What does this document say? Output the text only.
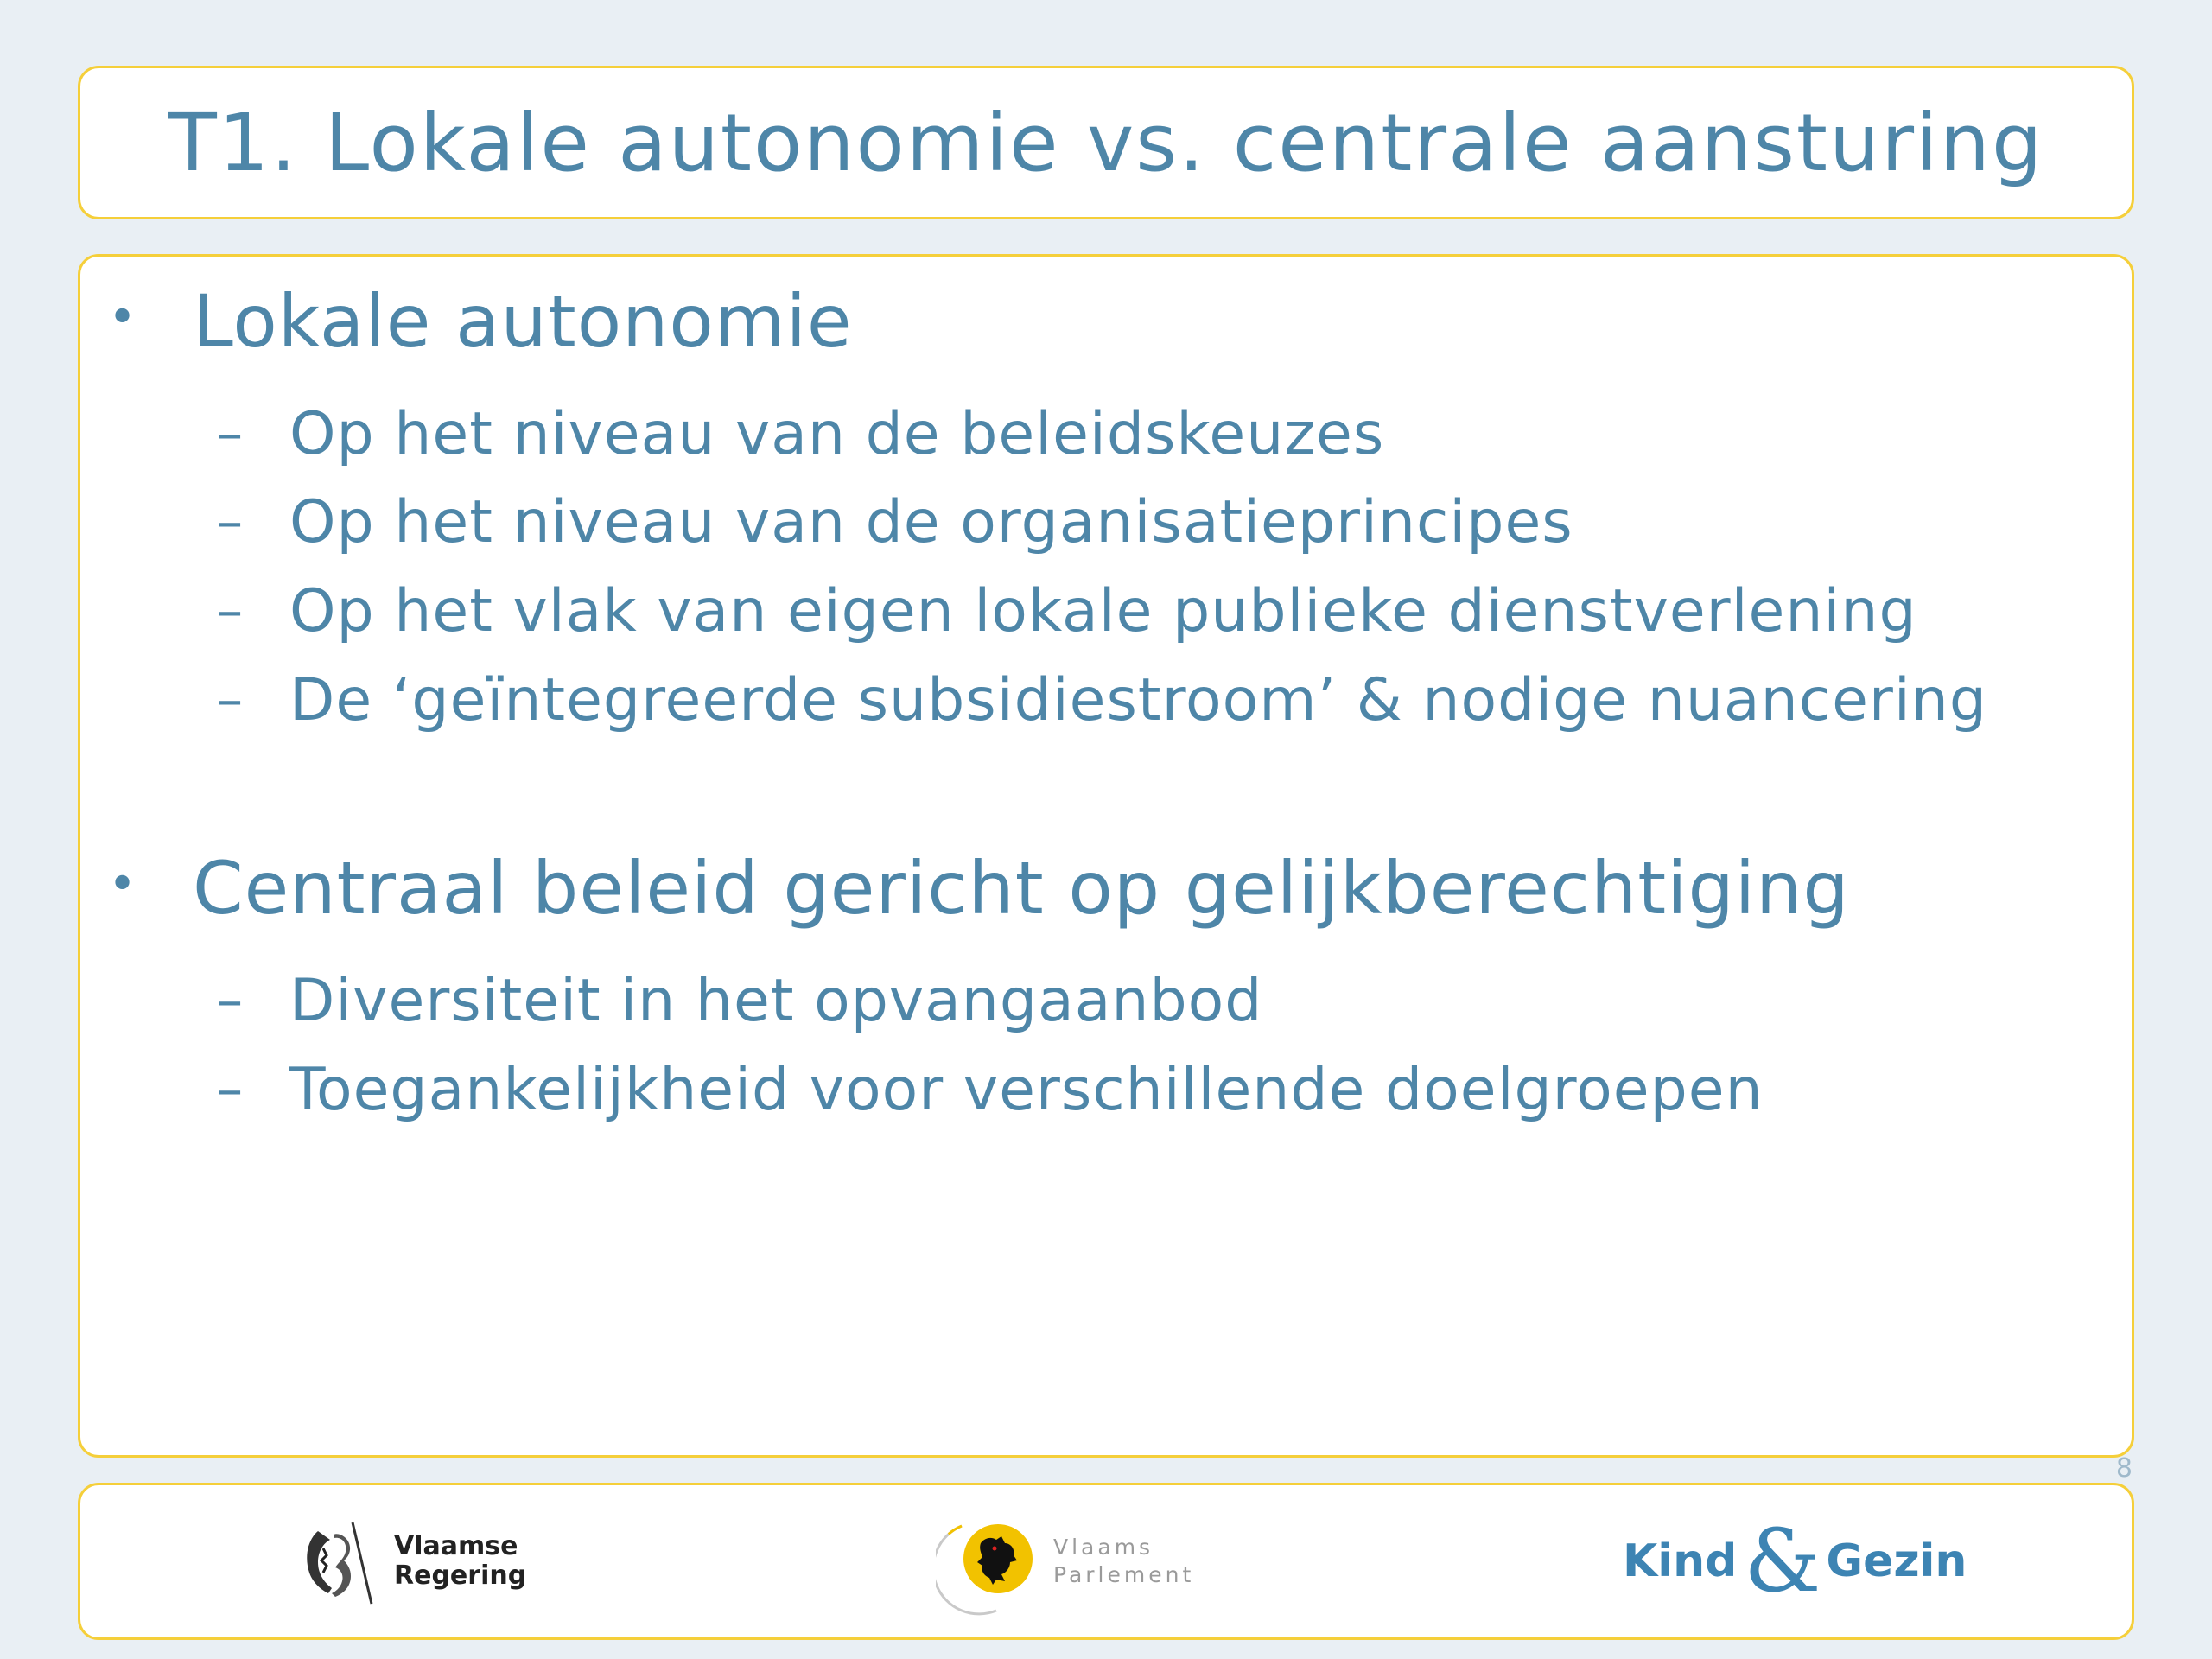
T1. Lokale autonomie vs. centrale aansturing
• Lokale autonomie
– Op het niveau van de beleidskeuzes
– Op het niveau van de organisatieprincipes
– Op het vlak van eigen lokale publieke dienstverlening
– De ‘geïntegreerde subsidiestroom’ & nodige nuancering
• Centraal beleid gericht op gelijkberechtiging
– Diversiteit in het opvangaanbod
– Toegankelijkheid voor verschillende doelgroepen
8
Vlaamse
Regering
Vlaams
Parlement	Kind & Gezin
